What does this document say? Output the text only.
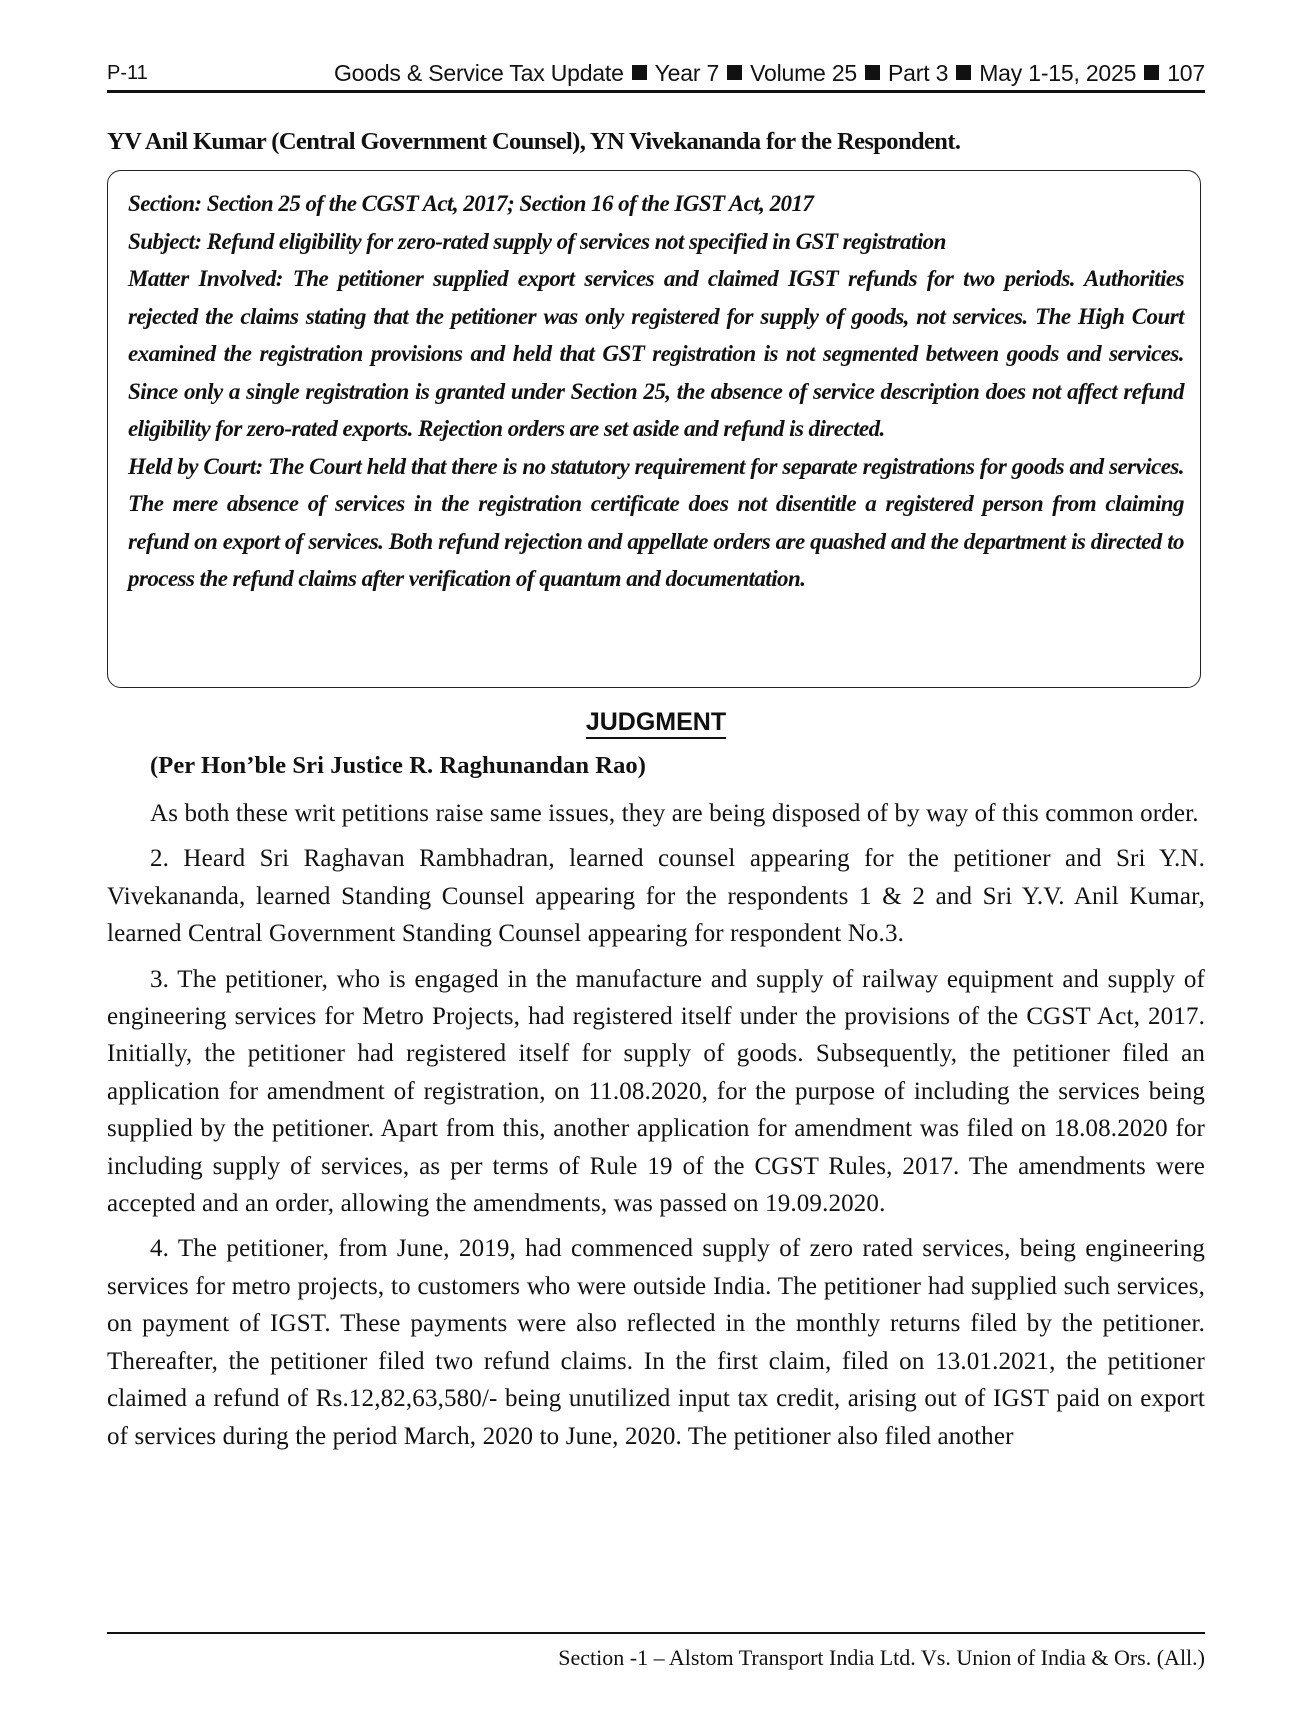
P-11	Goods & Service Tax Update Year 7 Volume 25 Part 3 May 1-15, 2025 107
YV Anil Kumar (Central Government Counsel), YN Vivekananda for the Respondent.

Section: Section 25 of the CGST Act, 2017; Section 16 of the IGST Act, 2017

Subject: Refund eligibility for zero-rated supply of services not specified in GST registration

Matter Involved: The petitioner supplied export services and claimed IGST refunds for two periods. Authorities rejected the claims stating that the petitioner was only registered for supply of goods, not services. The High Court examined the registration provisions and held that GST registration is not segmented between goods and services. Since only a single registration is granted under Section 25, the absence of service description does not affect refund eligibility for zero-rated exports. Rejection orders are set aside and refund is directed.

Held by Court: The Court held that there is no statutory requirement for separate registrations for goods and services. The mere absence of services in the registration certificate does not disentitle a registered person from claiming refund on export of services. Both refund rejection and appellate orders are quashed and the department is directed to process the refund claims after verification of quantum and documentation.

JUDGMENT
(Per Hon’ble Sri Justice R. Raghunandan Rao)

As both these writ petitions raise same issues, they are being disposed of by way of this common order.

2. Heard Sri Raghavan Rambhadran, learned counsel appearing for the petitioner and Sri Y.N. Vivekananda, learned Standing Counsel appearing for the respondents 1 & 2 and Sri Y.V. Anil Kumar, learned Central Government Standing Counsel appearing for respondent No.3.

3. The petitioner, who is engaged in the manufacture and supply of railway equipment and supply of engineering services for Metro Projects, had registered itself under the provisions of the CGST Act, 2017. Initially, the petitioner had registered itself for supply of goods. Subsequently, the petitioner filed an application for amendment of registration, on 11.08.2020, for the purpose of including the services being supplied by the petitioner. Apart from this, another application for amendment was filed on 18.08.2020 for including supply of services, as per terms of Rule 19 of the CGST Rules, 2017. The amendments were accepted and an order, allowing the amendments, was passed on 19.09.2020.

4. The petitioner, from June, 2019, had commenced supply of zero rated services, being engineering services for metro projects, to customers who were outside India. The petitioner had supplied such services, on payment of IGST. These payments were also reflected in the monthly returns filed by the petitioner. Thereafter, the petitioner filed two refund claims. In the first claim, filed on 13.01.2021, the petitioner claimed a refund of Rs.12,82,63,580/- being unutilized input tax credit, arising out of IGST paid on export of services during the period March, 2020 to June, 2020. The petitioner also filed another

Section -1 – Alstom Transport India Ltd. Vs. Union of India & Ors. (All.)
